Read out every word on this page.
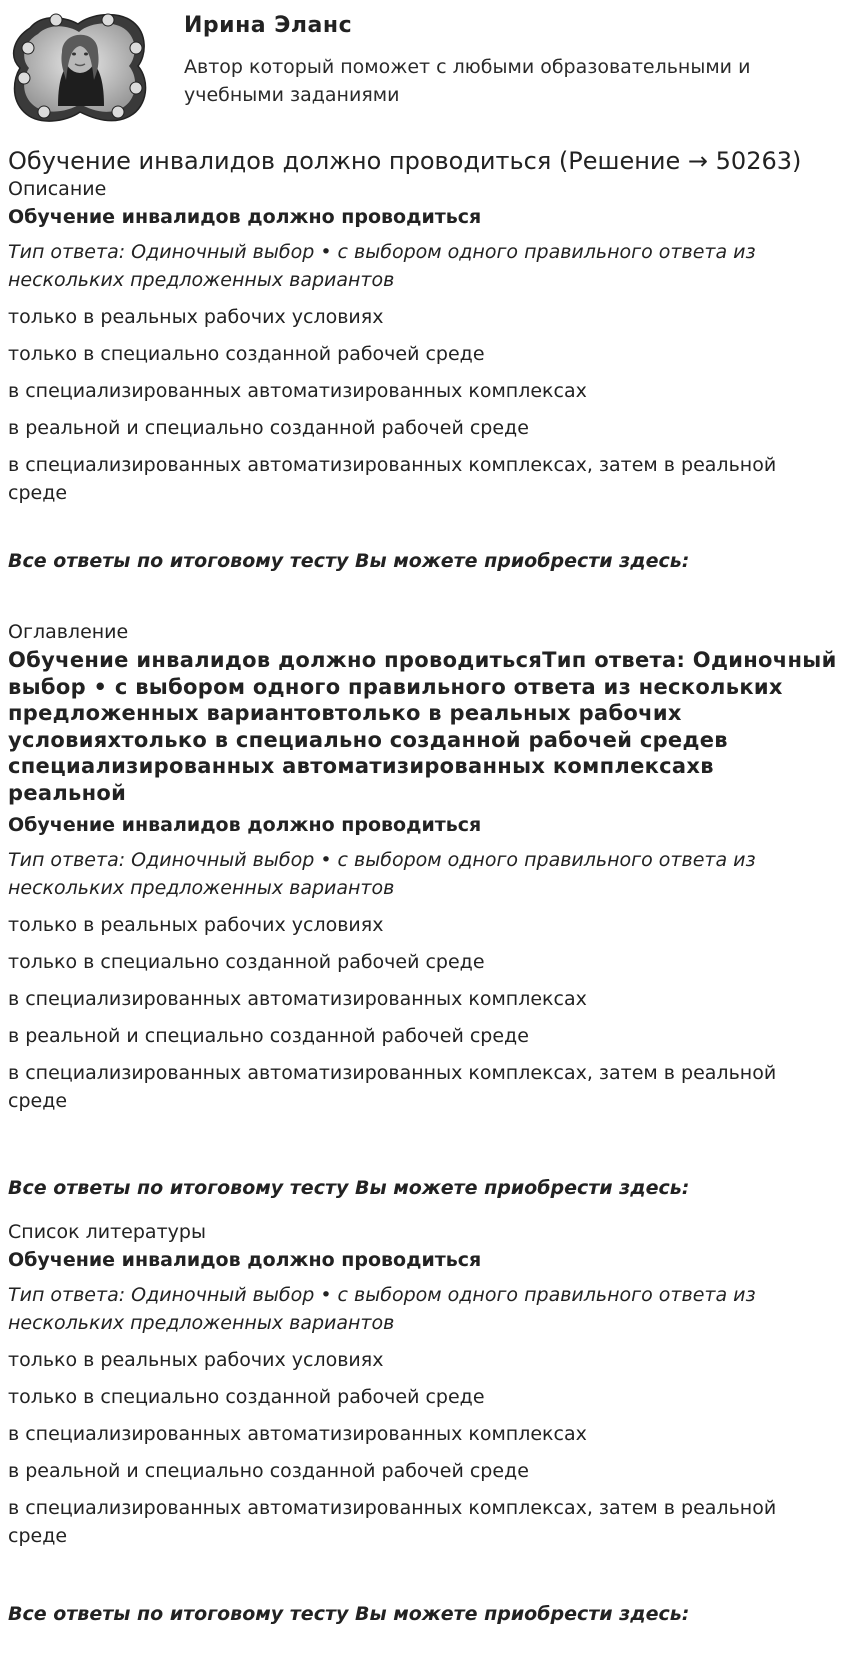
Ирина Эланс

Автор который поможет с любыми образовательными и учебными заданиями

Обучение инвалидов должно проводиться (Решение → 50263)

Описание

Обучение инвалидов должно проводиться

Тип ответа: Одиночный выбор • с выбором одного правильного ответа из нескольких предложенных вариантов

только в реальных рабочих условиях
только в специально созданной рабочей среде
в специализированных автоматизированных комплексах
в реальной и специально созданной рабочей среде
в специализированных автоматизированных комплексах, затем в реальной среде

Все ответы по итоговому тесту Вы можете приобрести здесь:

Оглавление

Обучение инвалидов должно проводитьсяТип ответа: Одиночный выбор • с выбором одного правильного ответа из нескольких предложенных вариантовтолько в реальных рабочих условияхтолько в специально созданной рабочей средев специализированных автоматизированных комплексахв реальной

Обучение инвалидов должно проводиться

Тип ответа: Одиночный выбор • с выбором одного правильного ответа из нескольких предложенных вариантов

только в реальных рабочих условиях
только в специально созданной рабочей среде
в специализированных автоматизированных комплексах
в реальной и специально созданной рабочей среде
в специализированных автоматизированных комплексах, затем в реальной среде

Все ответы по итоговому тесту Вы можете приобрести здесь:

Список литературы

Обучение инвалидов должно проводиться

Тип ответа: Одиночный выбор • с выбором одного правильного ответа из нескольких предложенных вариантов

только в реальных рабочих условиях
только в специально созданной рабочей среде
в специализированных автоматизированных комплексах
в реальной и специально созданной рабочей среде
в специализированных автоматизированных комплексах, затем в реальной среде

Все ответы по итоговому тесту Вы можете приобрести здесь:
